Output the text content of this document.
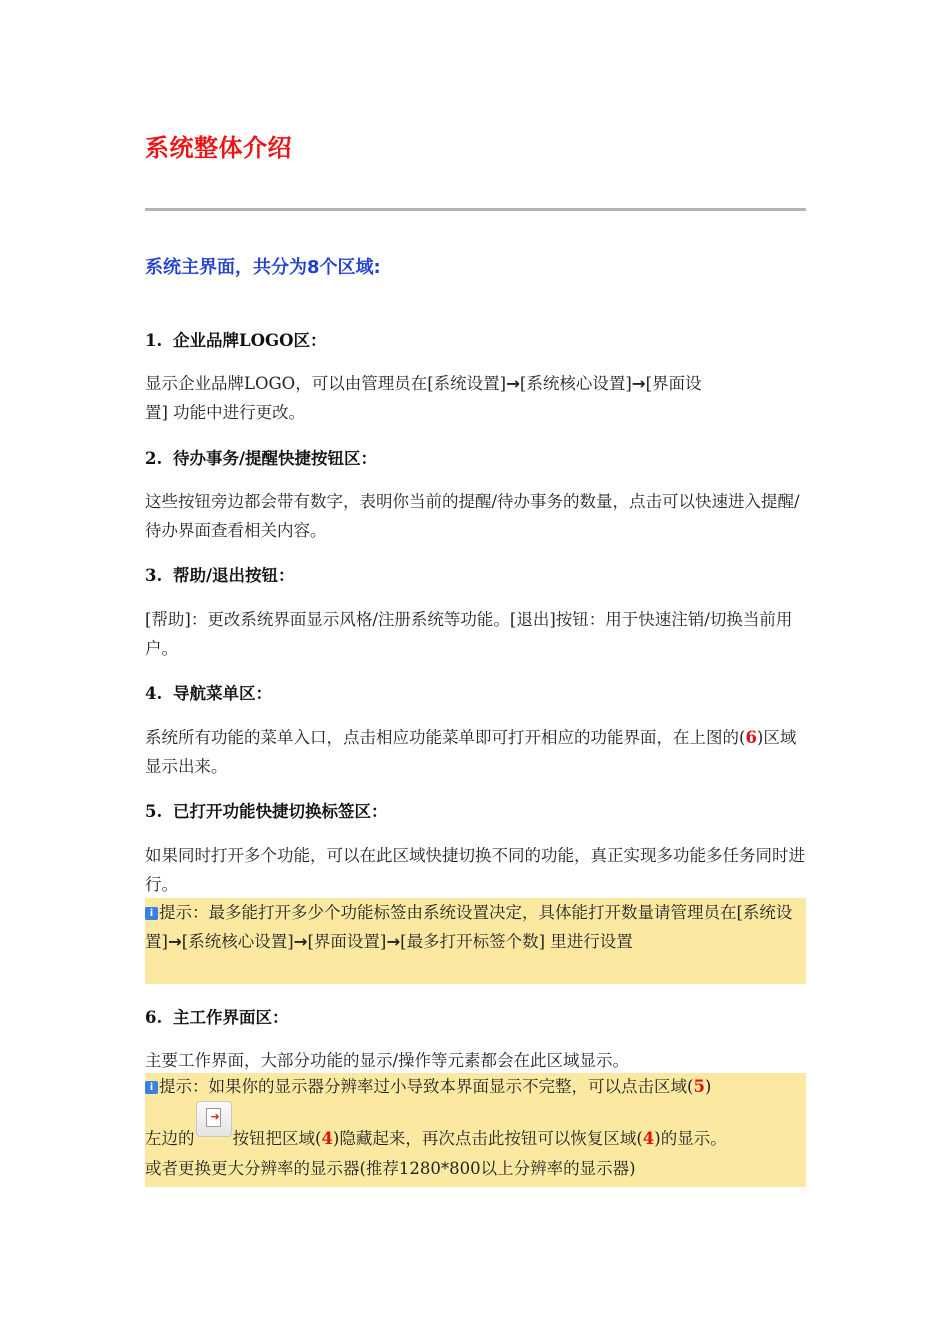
系统整体介绍
系统主界面，共分为8个区域:
1. 企业品牌LOGO区：
显示企业品牌LOGO，可以由管理员在[系统设置]→[系统核心设置]→[界面设
置] 功能中进行更改。
2. 待办事务/提醒快捷按钮区：
这些按钮旁边都会带有数字，表明你当前的提醒/待办事务的数量，点击可以快速进入提醒/待办界面查看相关内容。
3. 帮助/退出按钮：
[帮助]：更改系统界面显示风格/注册系统等功能。[退出]按钮：用于快速注销/切换当前用户。
4. 导航菜单区：
系统所有功能的菜单入口，点击相应功能菜单即可打开相应的功能界面，在上图的(6)区域显示出来。
5. 已打开功能快捷切换标签区：
如果同时打开多个功能，可以在此区域快捷切换不同的功能，真正实现多功能多任务同时进行。
i 提示：最多能打开多少个功能标签由系统设置决定，具体能打开数量请管理员在[系统设置]→[系统核心设置]→[界面设置]→[最多打开标签个数] 里进行设置
6. 主工作界面区：
主要工作界面，大部分功能的显示/操作等元素都会在此区域显示。
i 提示：如果你的显示器分辨率过小导致本界面显示不完整，可以点击区域(5)
左边的
➜
按钮把区域(4)隐藏起来，再次点击此按钮可以恢复区域(4)的显示。
或者更换更大分辨率的显示器(推荐1280*800以上分辨率的显示器)
